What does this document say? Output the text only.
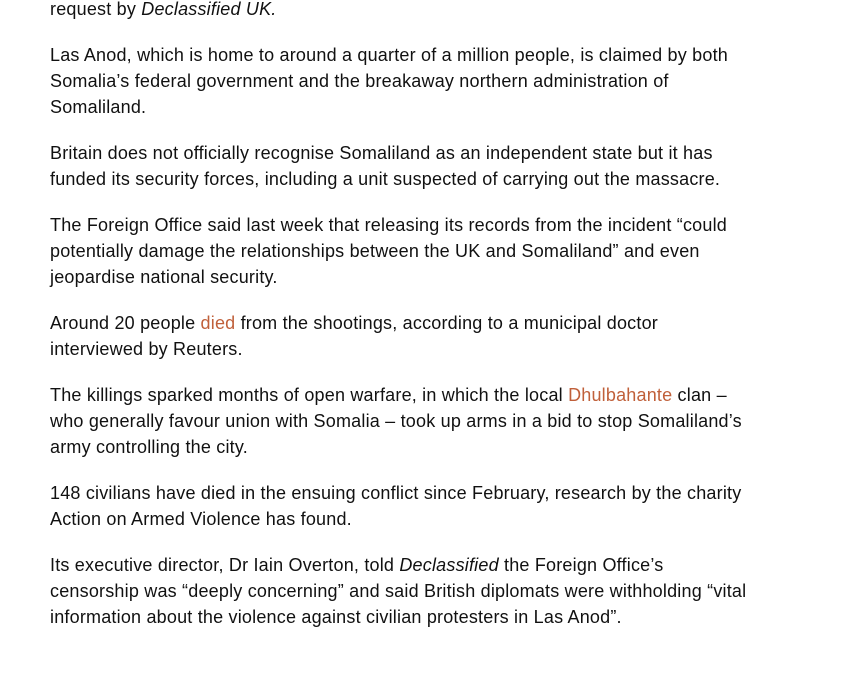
request by Declassified UK.

Las Anod, which is home to around a quarter of a million people, is claimed by both Somalia’s federal government and the breakaway northern administration of Somaliland.

Britain does not officially recognise Somaliland as an independent state but it has funded its security forces, including a unit suspected of carrying out the massacre.

The Foreign Office said last week that releasing its records from the incident “could potentially damage the relationships between the UK and Somaliland” and even jeopardise national security.

Around 20 people died from the shootings, according to a municipal doctor interviewed by Reuters.

The killings sparked months of open warfare, in which the local Dhulbahante clan – who generally favour union with Somalia – took up arms in a bid to stop Somaliland’s army controlling the city.

148 civilians have died in the ensuing conflict since February, research by the charity Action on Armed Violence has found.

Its executive director, Dr Iain Overton, told Declassified the Foreign Office’s censorship was “deeply concerning” and said British diplomats were withholding “vital information about the violence against civilian protesters in Las Anod”.
